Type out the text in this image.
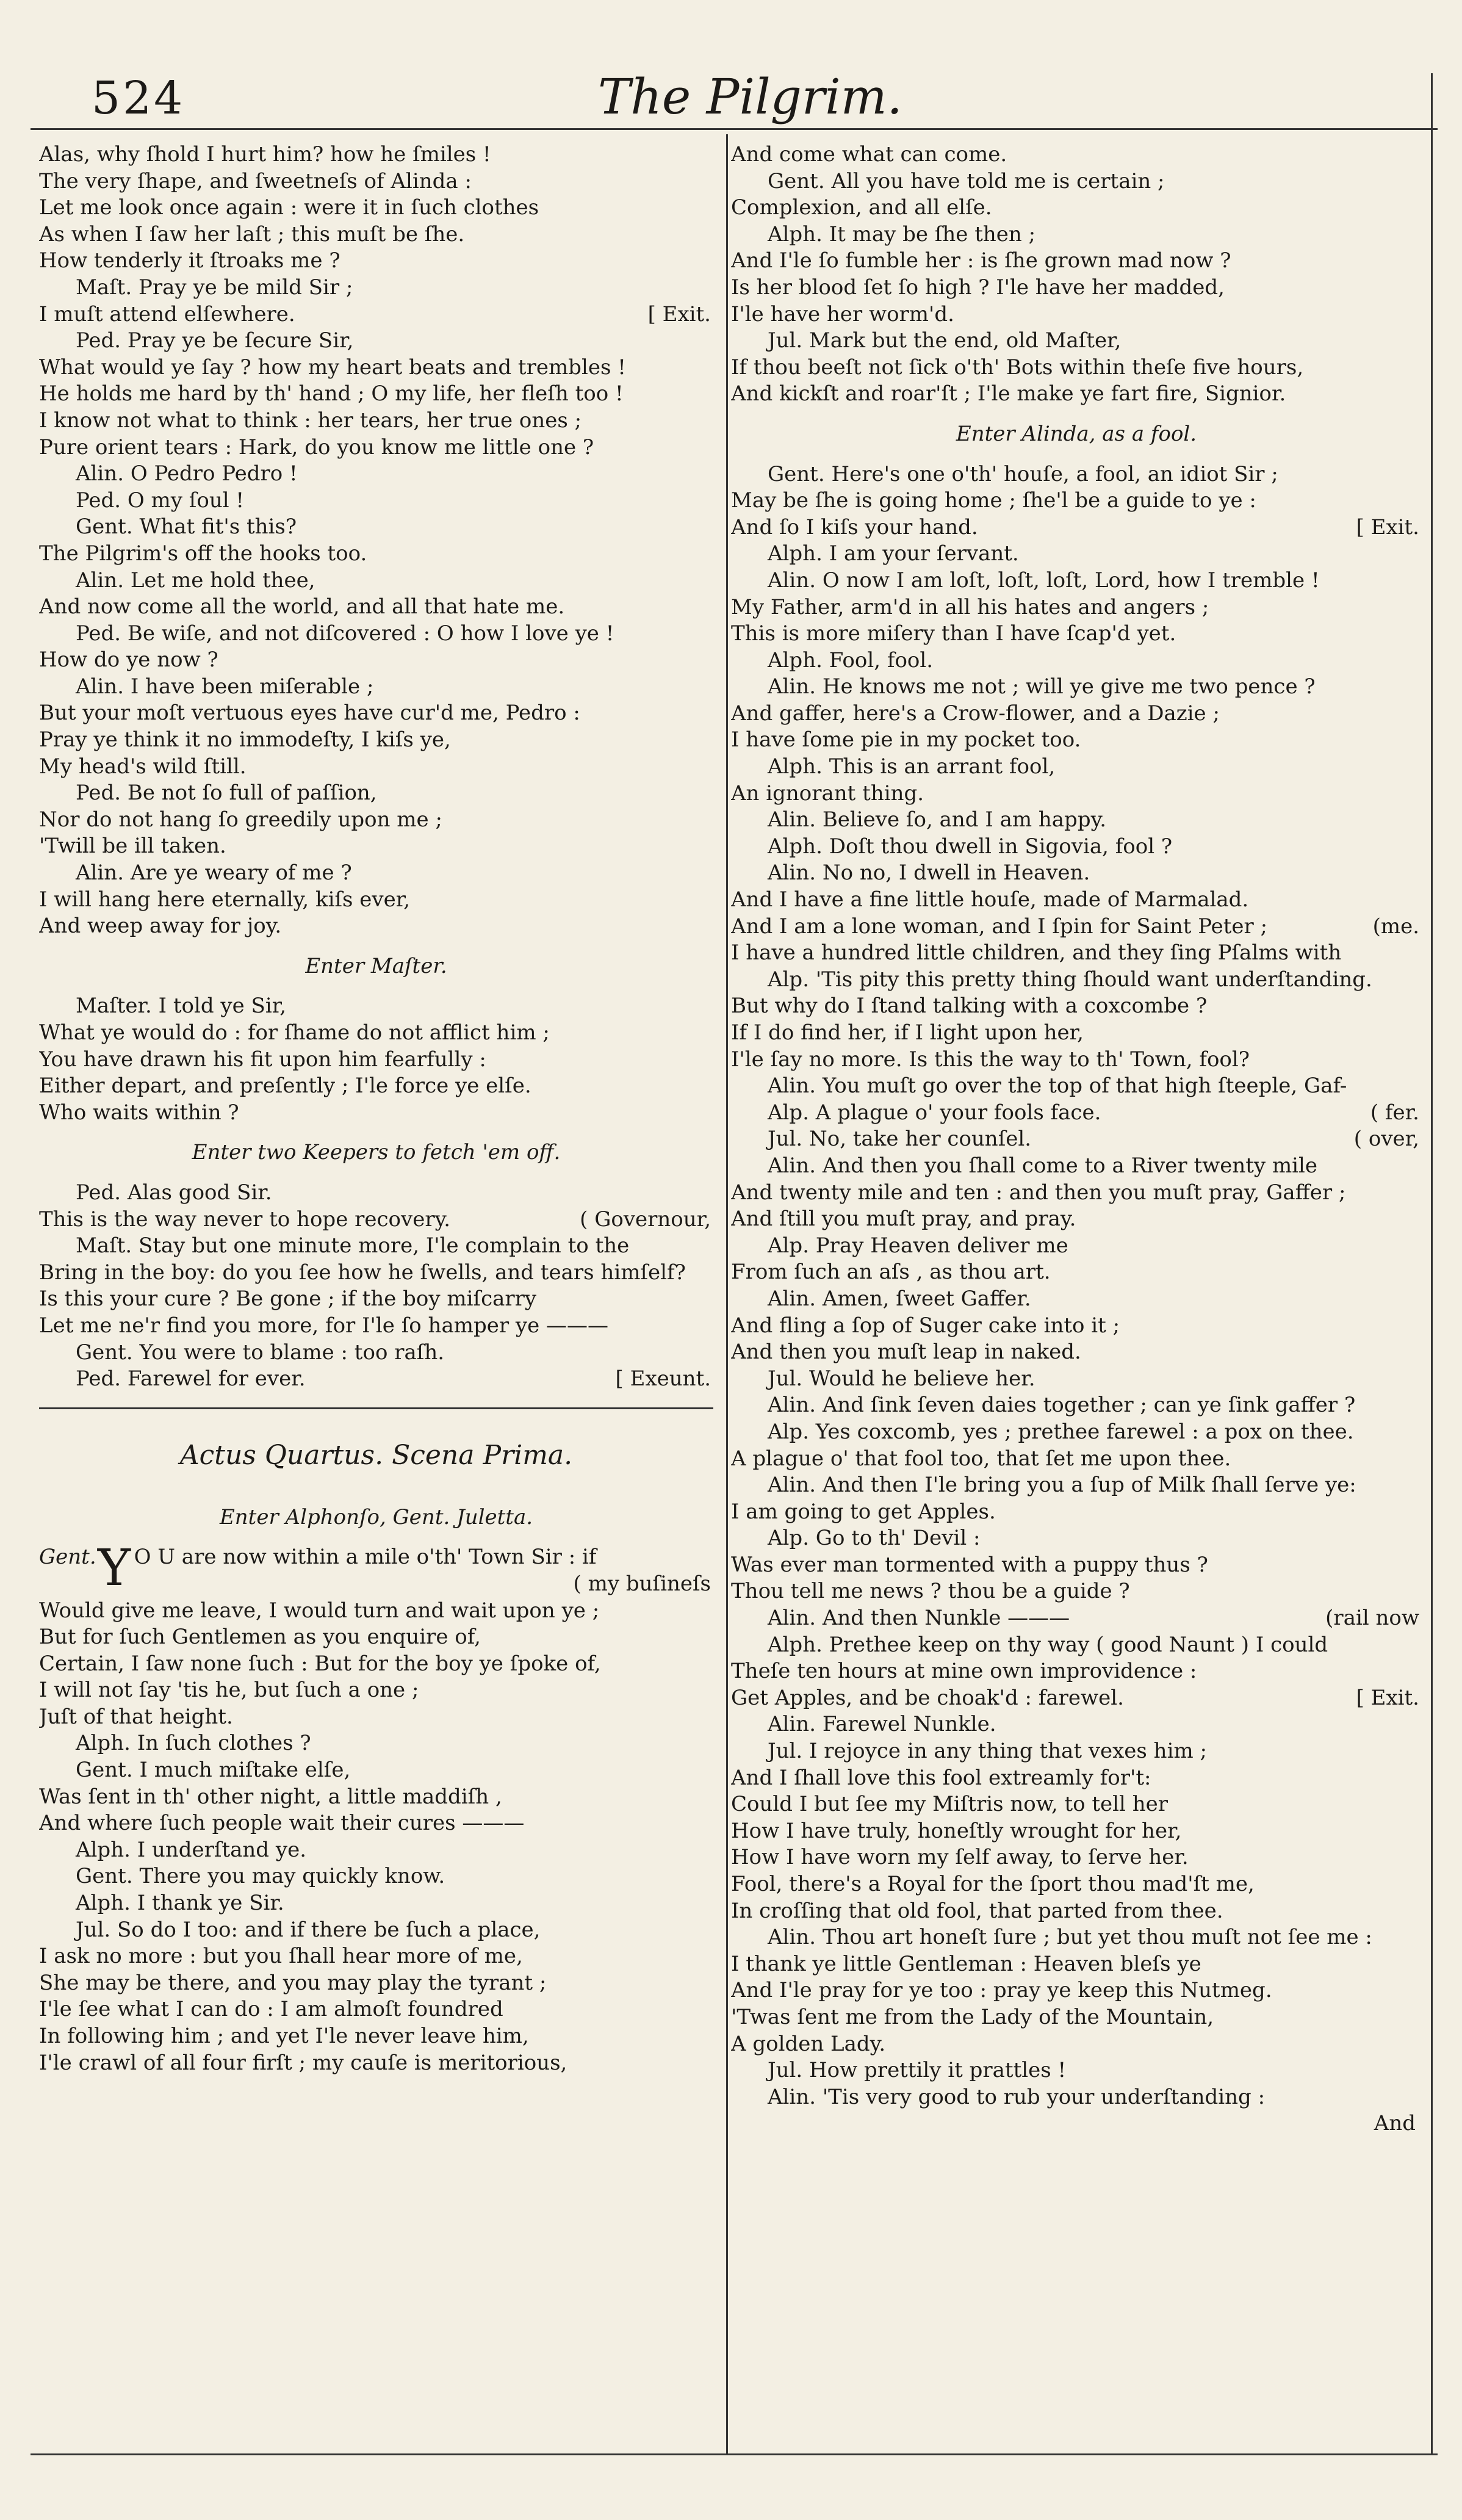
524	The Pilgrim.
Alas, why ſhold I hurt him? how he ſmiles !
The very ſhape, and ſweetneſs of Alinda :
Let me look once again : were it in ſuch clothes
As when I ſaw her laſt ; this muſt be ſhe.
How tenderly it ſtroaks me ?
Maſt. Pray ye be mild Sir ;
I muſt attend elſewhere.	[ Exit.
Ped. Pray ye be ſecure Sir,
What would ye ſay ? how my heart beats and trembles !
He holds me hard by th' hand ; O my life, her fleſh too !
I know not what to think : her tears, her true ones ;
Pure orient tears : Hark, do you know me little one ?
Alin. O Pedro Pedro !
Ped. O my ſoul !
Gent. What fit's this?
The Pilgrim's off the hooks too.
Alin. Let me hold thee,
And now come all the world, and all that hate me.
Ped. Be wiſe, and not diſcovered : O how I love ye !
How do ye now ?
Alin. I have been miſerable ;
But your moſt vertuous eyes have cur'd me, Pedro :
Pray ye think it no immodeſty, I kiſs ye,
My head's wild ſtill.
Ped. Be not ſo full of paſſion,
Nor do not hang ſo greedily upon me ;
'Twill be ill taken.
Alin. Are ye weary of me ?
I will hang here eternally, kiſs ever,
And weep away for joy.
Enter Maſter.
Maſter. I told ye Sir,
What ye would do : for ſhame do not afflict him ;
You have drawn his fit upon him fearfully :
Either depart, and preſently ; I'le force ye elſe.
Who waits within ?
Enter two Keepers to fetch 'em off.
Ped. Alas good Sir.
This is the way never to hope recovery.	( Governour,
Maſt. Stay but one minute more, I'le complain to the
Bring in the boy: do you ſee how he ſwells, and tears himſelf?
Is this your cure ? Be gone ; if the boy miſcarry
Let me ne'r find you more, for I'le ſo hamper ye ———
Gent. You were to blame : too raſh.
Ped. Farewel for ever.	[ Exeunt.
Actus Quartus. Scena Prima.
Enter Alphonſo, Gent. Juletta.
Gent. Y O U are now within a mile o'th' Town Sir : if
( my buſineſs
Would give me leave, I would turn and wait upon ye ;
But for ſuch Gentlemen as you enquire of,
Certain, I ſaw none ſuch : But for the boy ye ſpoke of,
I will not ſay 'tis he, but ſuch a one ;
Juſt of that height.
Alph. In ſuch clothes ?
Gent. I much miſtake elſe,
Was ſent in th' other night, a little maddiſh ,
And where ſuch people wait their cures ———
Alph. I underſtand ye.
Gent. There you may quickly know.
Alph. I thank ye Sir.
Jul. So do I too: and if there be ſuch a place,
I ask no more : but you ſhall hear more of me,
She may be there, and you may play the tyrant ;
I'le ſee what I can do : I am almoſt foundred
In following him ; and yet I'le never leave him,
I'le crawl of all four firſt ; my cauſe is meritorious,
And come what can come.
Gent. All you have told me is certain ;
Complexion, and all elſe.
Alph. It may be ſhe then ;
And I'le ſo fumble her : is ſhe grown mad now ?
Is her blood ſet ſo high ? I'le have her madded,
I'le have her worm'd.
Jul. Mark but the end, old Maſter,
If thou beeſt not ſick o'th' Bots within theſe five hours,
And kickſt and roar'ſt ; I'le make ye fart fire, Signior.
Enter Alinda, as a fool.
Gent. Here's one o'th' houſe, a fool, an idiot Sir ;
May be ſhe is going home ; ſhe'l be a guide to ye :
And ſo I kiſs your hand.	[ Exit.
Alph. I am your ſervant.
Alin. O now I am loſt, loſt, loſt, Lord, how I tremble !
My Father, arm'd in all his hates and angers ;
This is more miſery than I have ſcap'd yet.
Alph. Fool, fool.
Alin. He knows me not ; will ye give me two pence ?
And gaffer, here's a Crow-flower, and a Dazie ;
I have ſome pie in my pocket too.
Alph. This is an arrant fool,
An ignorant thing.
Alin. Believe ſo, and I am happy.
Alph. Doſt thou dwell in Sigovia, fool ?
Alin. No no, I dwell in Heaven.
And I have a fine little houſe, made of Marmalad.
And I am a lone woman, and I ſpin for Saint Peter ;	(me.
I have a hundred little children, and they ſing Pſalms with
Alp. 'Tis pity this pretty thing ſhould want underſtanding.
But why do I ſtand talking with a coxcombe ?
If I do find her, if I light upon her,
I'le ſay no more. Is this the way to th' Town, fool?
Alin. You muſt go over the top of that high ſteeple, Gaf-
Alp. A plague o' your fools face.	( fer.
Jul. No, take her counſel.	( over,
Alin. And then you ſhall come to a River twenty mile
And twenty mile and ten : and then you muſt pray, Gaffer ;
And ſtill you muſt pray, and pray.
Alp. Pray Heaven deliver me
From ſuch an aſs , as thou art.
Alin. Amen, ſweet Gaffer.
And fling a ſop of Suger cake into it ;
And then you muſt leap in naked.
Jul. Would he believe her.
Alin. And ſink ſeven daies together ; can ye ſink gaffer ?
Alp. Yes coxcomb, yes ; prethee farewel : a pox on thee.
A plague o' that fool too, that ſet me upon thee.
Alin. And then I'le bring you a ſup of Milk ſhall ſerve ye:
I am going to get Apples.
Alp. Go to th' Devil :
Was ever man tormented with a puppy thus ?
Thou tell me news ? thou be a guide ?
Alin. And then Nunkle ———	(rail now
Alph. Prethee keep on thy way ( good Naunt ) I could
Theſe ten hours at mine own improvidence :
Get Apples, and be choak'd : farewel.	[ Exit.
Alin. Farewel Nunkle.
Jul. I rejoyce in any thing that vexes him ;
And I ſhall love this fool extreamly for't:
Could I but ſee my Miſtris now, to tell her
How I have truly, honeſtly wrought for her,
How I have worn my ſelf away, to ſerve her.
Fool, there's a Royal for the ſport thou mad'ſt me,
In croſſing that old fool, that parted from thee.
Alin. Thou art honeſt ſure ; but yet thou muſt not ſee me :
I thank ye little Gentleman : Heaven bleſs ye
And I'le pray for ye too : pray ye keep this Nutmeg.
'Twas ſent me from the Lady of the Mountain,
A golden Lady.
Jul. How prettily it prattles !
Alin. 'Tis very good to rub your underſtanding :
And
